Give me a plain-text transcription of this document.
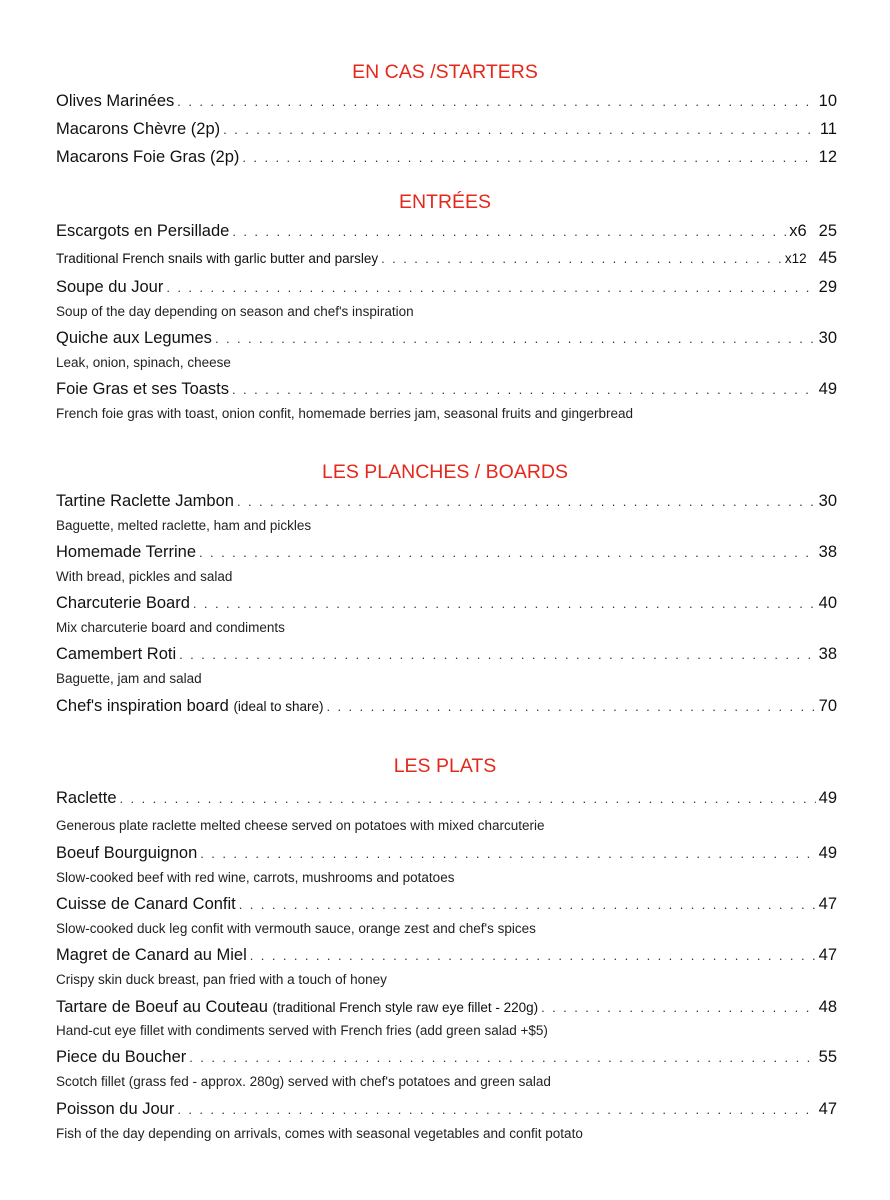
EN CAS /STARTERS
Olives Marinées . . .	10
Macarons Chèvre (2p) . . .	11
Macarons Foie Gras (2p) . . .	12
ENTRÉES
Escargots en Persillade . . .	x6 25
Traditional French snails with garlic butter and parsley . . .	x12 45
Soupe du Jour . . .	29
Soup of the day depending on season and chef's inspiration
Quiche aux Legumes . . .	30
Leak, onion, spinach, cheese
Foie Gras et ses Toasts . . .	49
French foie gras with toast, onion confit, homemade berries jam, seasonal fruits and gingerbread
LES PLANCHES / BOARDS
Tartine Raclette Jambon . . .	30
Baguette, melted raclette, ham and pickles
Homemade Terrine . . .	38
With bread, pickles and salad
Charcuterie Board . . .	40
Mix charcuterie board and condiments
Camembert Roti . . .	38
Baguette, jam and salad
Chef's inspiration board (ideal to share) . . .	70
LES PLATS
Raclette . . .	49
Generous plate raclette melted cheese served on potatoes with mixed charcuterie
Boeuf Bourguignon . . .	49
Slow-cooked beef with red wine, carrots, mushrooms and potatoes
Cuisse de Canard Confit . . .	47
Slow-cooked duck leg confit with vermouth sauce, orange zest and chef's spices
Magret de Canard au Miel . . .	47
Crispy skin duck breast, pan fried with a touch of honey
Tartare de Boeuf au Couteau (traditional French style raw eye fillet - 220g) . . .	48
Hand-cut eye fillet with condiments served with French fries (add green salad +$5)
Piece du Boucher . . .	55
Scotch fillet (grass fed - approx. 280g) served with chef's potatoes and green salad
Poisson du Jour . . .	47
Fish of the day depending on arrivals, comes with seasonal vegetables and confit potato
